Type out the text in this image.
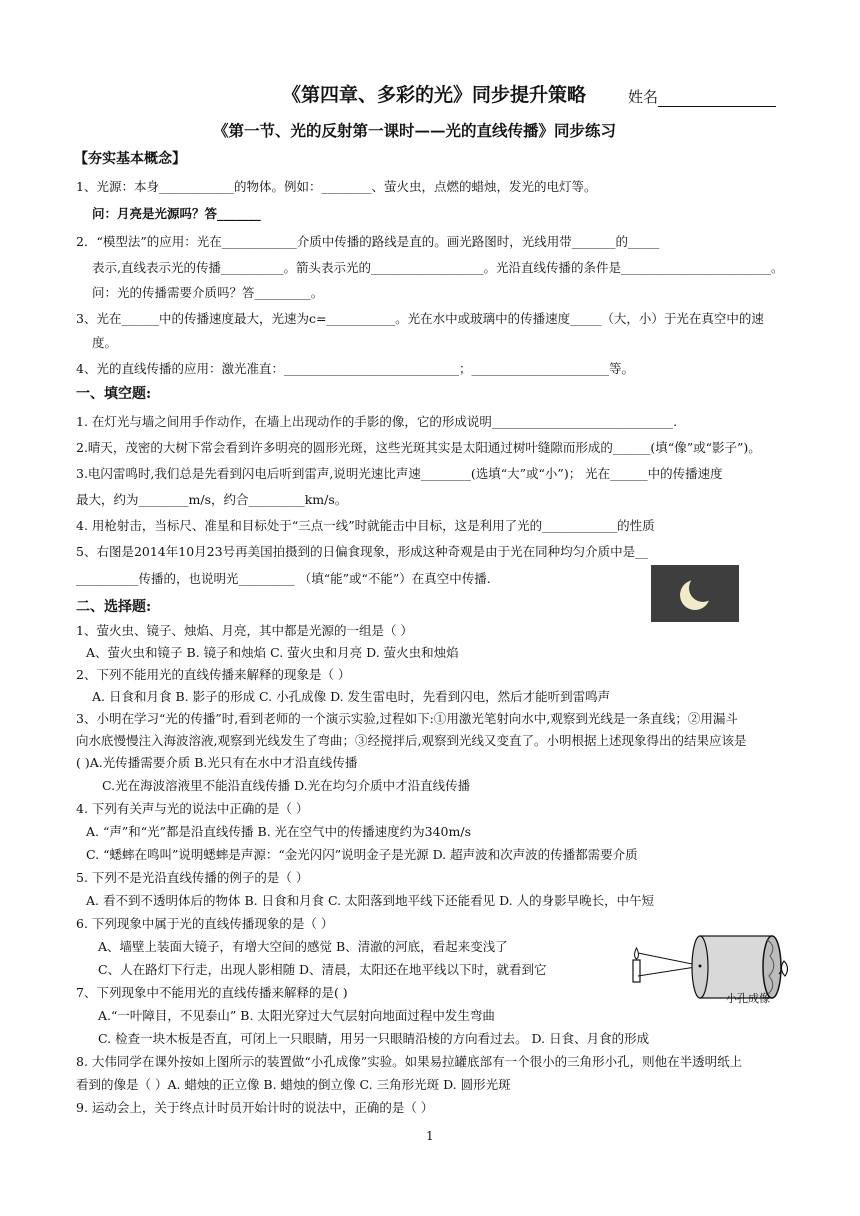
《第四章、多彩的光》同步提升策略	姓名
《第一节、光的反射第一课时——光的直线传播》同步练习
【夯实基本概念】
1、光源：本身____________的物体。例如：________、萤火虫，点燃的蜡烛，发光的电灯等。
问：月亮是光源吗？答_______
2．“模型法”的应用：光在____________介质中传播的路线是直的。画光路图时，光线用带_______的_____
表示,直线表示光的传播__________。箭头表示光的__________________。光沿直线传播的条件是________________________。
问：光的传播需要介质吗？答_________。
3、光在______中的传播速度最大，光速为c=___________。光在水中或玻璃中的传播速度_____（大，小）于光在真空中的速
度。
4、光的直线传播的应用：激光准直：____________________________；______________________等。
一、填空题:
1. 在灯光与墙之间用手作动作，在墙上出现动作的手影的像，它的形成说明_____________________________.
2.晴天，茂密的大树下常会看到许多明亮的圆形光斑，这些光斑其实是太阳通过树叶缝隙而形成的______(填“像”或“影子”)。
3.电闪雷鸣时,我们总是先看到闪电后听到雷声,说明光速比声速________(选填“大”或“小”)； 光在______中的传播速度
最大，约为________m/s，约合_________km/s。
4. 用枪射击，当标尺、准星和目标处于“三点一线”时就能击中目标，这是利用了光的____________的性质
5、右图是2014年10月23号再美国拍摄到的日偏食现象，形成这种奇观是由于光在同种均匀介质中是__
__________传播的，也说明光_________ （填“能”或“不能”）在真空中传播.
二、选择题:
1、萤火虫、镜子、烛焰、月亮，其中都是光源的一组是（ ）
A、萤火虫和镜子 B. 镜子和烛焰 C. 萤火虫和月亮 D. 萤火虫和烛焰
2、下列不能用光的直线传播来解释的现象是（ ）
A. 日食和月食 B. 影子的形成 C. 小孔成像 D. 发生雷电时，先看到闪电，然后才能听到雷鸣声
3、小明在学习“光的传播”时,看到老师的一个演示实验,过程如下:①用激光笔射向水中,观察到光线是一条直线；②用漏斗
向水底慢慢注入海波溶液,观察到光线发生了弯曲；③经搅拌后,观察到光线又变直了。小明根据上述现象得出的结果应该是
( )A.光传播需要介质 B.光只有在水中才沿直线传播
C.光在海波溶液里不能沿直线传播 D.光在均匀介质中才沿直线传播
4. 下列有关声与光的说法中正确的是（ ）
A. “声”和“光”都是沿直线传播 B. 光在空气中的传播速度约为340m/s
C. “蟋蟀在鸣叫”说明蟋蟀是声源：“金光闪闪”说明金子是光源 D. 超声波和次声波的传播都需要介质
5. 下列不是光沿直线传播的例子的是（ ）
A. 看不到不透明体后的物体 B. 日食和月食 C. 太阳落到地平线下还能看见 D. 人的身影早晚长，中午短
6. 下列现象中属于光的直线传播现象的是（ ）
A、墙壁上装面大镜子，有增大空间的感觉 B、清澈的河底，看起来变浅了
C、人在路灯下行走，出现人影相随 D、清晨，太阳还在地平线以下时，就看到它
7、下列现象中不能用光的直线传播来解释的是( )
A.“一叶障目，不见泰山” B. 太阳光穿过大气层射向地面过程中发生弯曲
C. 检查一块木板是否直，可闭上一只眼睛，用另一只眼睛沿棱的方向看过去。 D. 日食、月食的形成
8. 大伟同学在课外按如上图所示的装置做“小孔成像”实验。如果易拉罐底部有一个很小的三角形小孔，则他在半透明纸上
看到的像是（ ）A. 蜡烛的正立像 B. 蜡烛的倒立像 C. 三角形光斑 D. 圆形光斑
9. 运动会上，关于终点计时员开始计时的说法中，正确的是（ ）
小孔成像
1
